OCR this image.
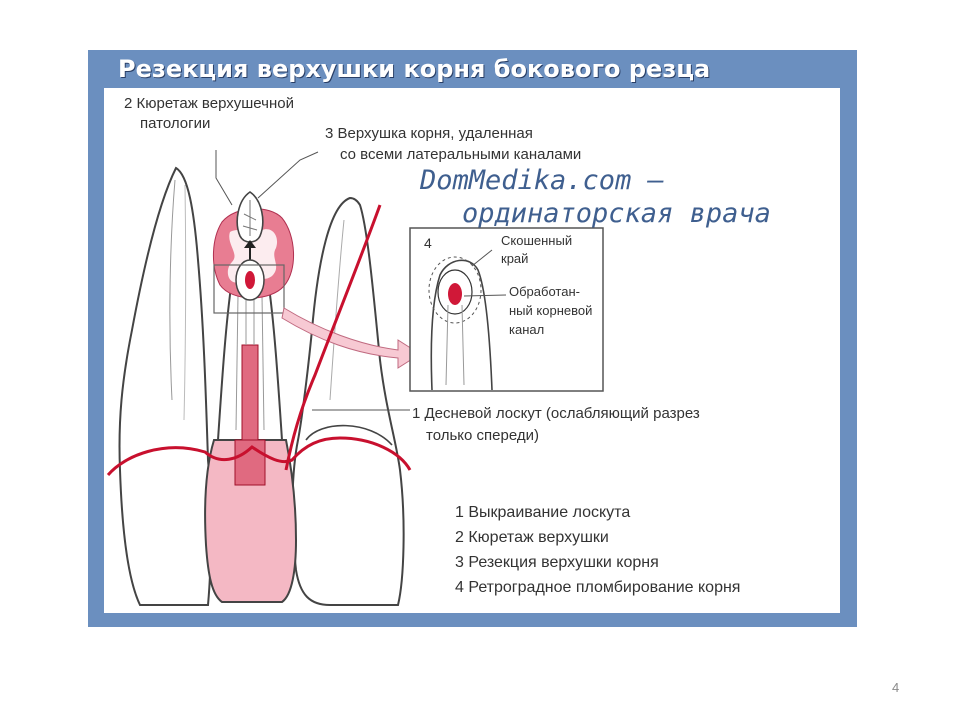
Резекция верхушки корня бокового резца
2 Кюретаж верхушечной
патологии
3 Верхушка корня, удаленная
со всеми латеральными каналами
1 Десневой лоскут (ослабляющий разрез
только спереди)
4	Скошенный
край
Обработан-
ный корневой
канал
DomMedika.com –
ординаторская врача
1 Выкраивание лоскута
2 Кюретаж верхушки
3 Резекция верхушки корня
4 Ретроградное пломбирование корня
4
